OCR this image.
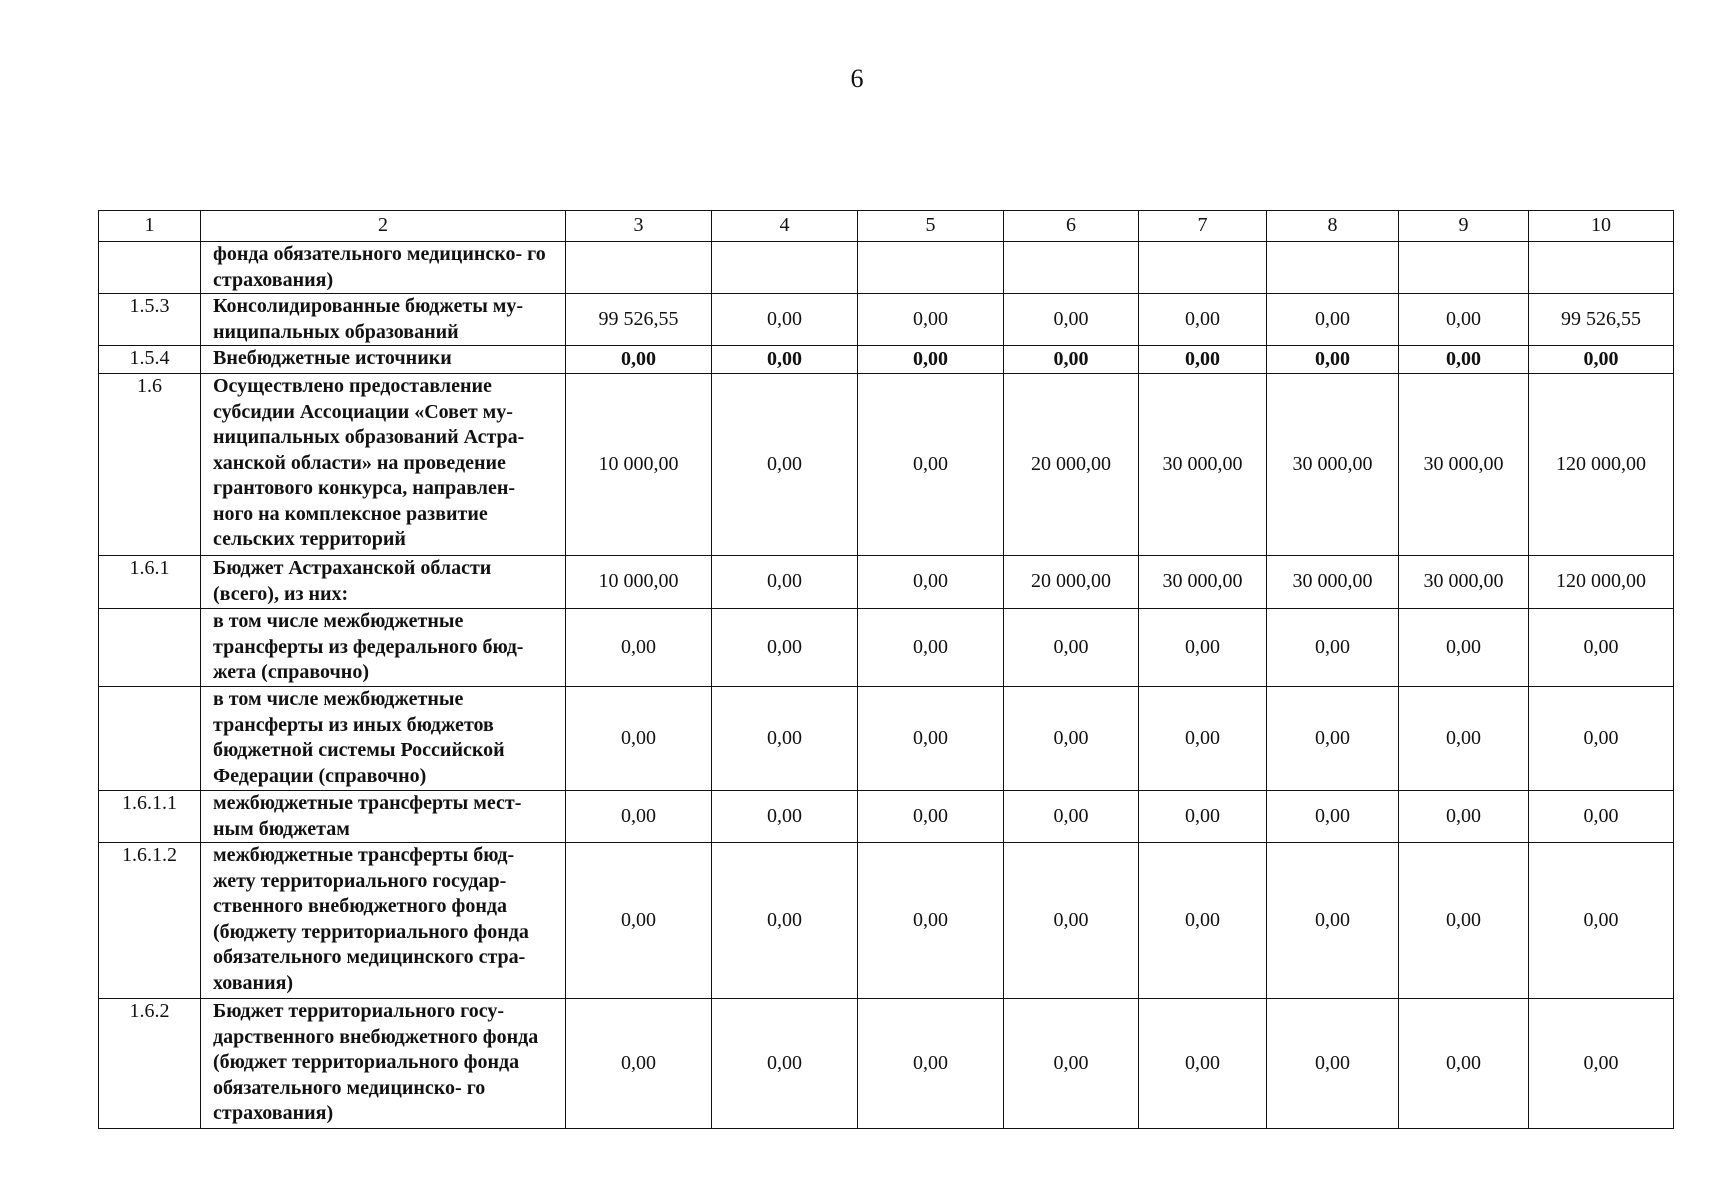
6
1	2	3	4	5	6	7	8	9	10
	фонда обязательного медицинско- го страхования)								
1.5.3	Консолидированные бюджеты му- ниципальных образований	99 526,55	0,00	0,00	0,00	0,00	0,00	0,00	99 526,55
1.5.4	Внебюджетные источники	0,00	0,00	0,00	0,00	0,00	0,00	0,00	0,00
1.6	Осуществлено предоставление субсидии Ассоциации «Совет му- ниципальных образований Астра- ханской области» на проведение грантового конкурса, направлен- ного на комплексное развитие сельских территорий	10 000,00	0,00	0,00	20 000,00	30 000,00	30 000,00	30 000,00	120 000,00
1.6.1	Бюджет Астраханской области (всего), из них:	10 000,00	0,00	0,00	20 000,00	30 000,00	30 000,00	30 000,00	120 000,00
	в том числе межбюджетные трансферты из федерального бюд- жета (справочно)	0,00	0,00	0,00	0,00	0,00	0,00	0,00	0,00
	в том числе межбюджетные трансферты из иных бюджетов бюджетной системы Российской Федерации (справочно)	0,00	0,00	0,00	0,00	0,00	0,00	0,00	0,00
1.6.1.1	межбюджетные трансферты мест- ным бюджетам	0,00	0,00	0,00	0,00	0,00	0,00	0,00	0,00
1.6.1.2	межбюджетные трансферты бюд- жету территориального государ- ственного внебюджетного фонда (бюджету территориального фонда обязательного медицинского стра- хования)	0,00	0,00	0,00	0,00	0,00	0,00	0,00	0,00
1.6.2	Бюджет территориального госу- дарственного внебюджетного фонда (бюджет территориального фонда обязательного медицинско- го страхования)	0,00	0,00	0,00	0,00	0,00	0,00	0,00	0,00
